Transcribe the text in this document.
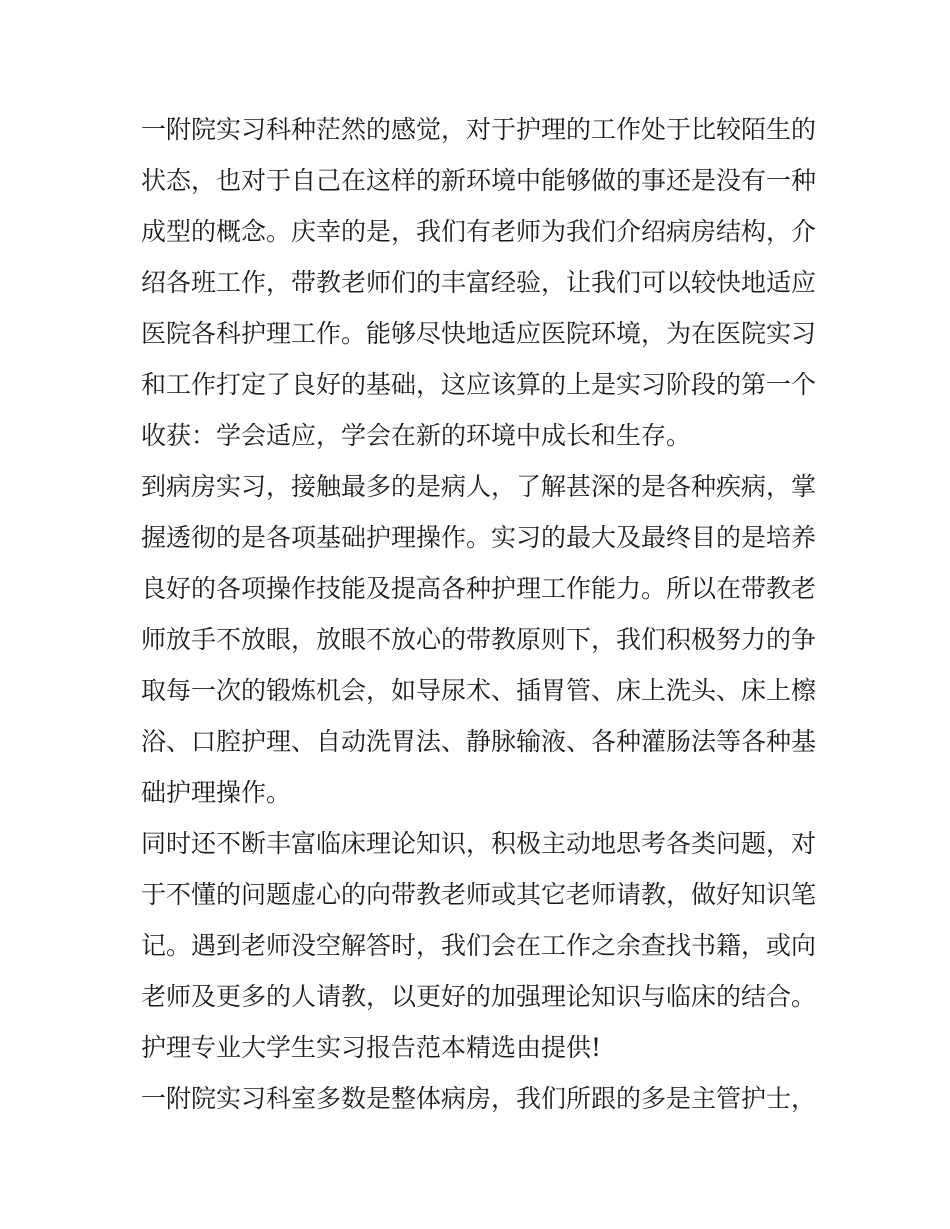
一附院实习科种茫然的感觉，对于护理的工作处于比较陌生的
状态，也对于自己在这样的新环境中能够做的事还是没有一种
成型的概念。庆幸的是，我们有老师为我们介绍病房结构，介
绍各班工作，带教老师们的丰富经验，让我们可以较快地适应
医院各科护理工作。能够尽快地适应医院环境，为在医院实习
和工作打定了良好的基础，这应该算的上是实习阶段的第一个
收获：学会适应，学会在新的环境中成长和生存。
到病房实习，接触最多的是病人，了解甚深的是各种疾病，掌
握透彻的是各项基础护理操作。实习的最大及最终目的是培养
良好的各项操作技能及提高各种护理工作能力。所以在带教老
师放手不放眼，放眼不放心的带教原则下，我们积极努力的争
取每一次的锻炼机会，如导尿术、插胃管、床上洗头、床上檫
浴、口腔护理、自动洗胃法、静脉输液、各种灌肠法等各种基
础护理操作。
同时还不断丰富临床理论知识，积极主动地思考各类问题，对
于不懂的问题虚心的向带教老师或其它老师请教，做好知识笔
记。遇到老师没空解答时，我们会在工作之余查找书籍，或向
老师及更多的人请教，以更好的加强理论知识与临床的结合。
护理专业大学生实习报告范本精选由提供!
一附院实习科室多数是整体病房，我们所跟的多是主管护士，
